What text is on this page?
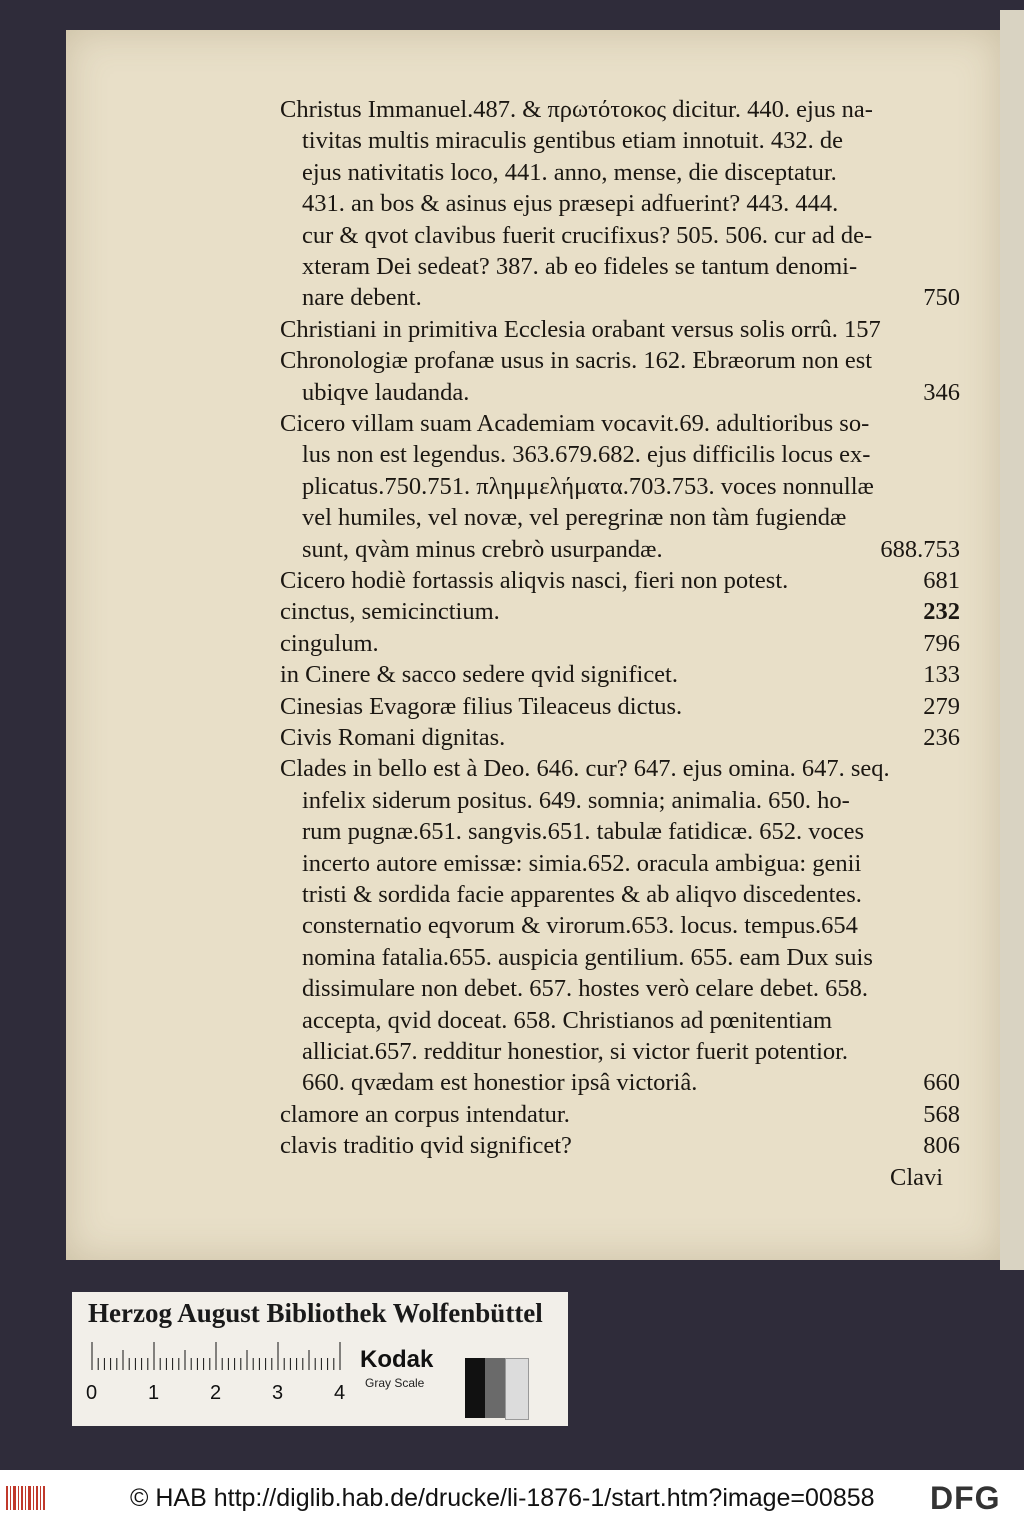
Christus Immanuel.487. & πρωτότοκος dicitur. 440. ejus na-
tivitas multis miraculis gentibus etiam innotuit. 432. de
ejus nativitatis loco, 441. anno, mense, die disceptatur.
431. an bos & asinus ejus præsepi adfuerint? 443. 444.
cur & qvot clavibus fuerit crucifixus? 505. 506. cur ad de-
xteram Dei sedeat? 387. ab eo fideles se tantum denomi-
nare debent.	750
Christiani in primitiva Ecclesia orabant versus solis orrû. 157
Chronologiæ profanæ usus in sacris. 162. Ebræorum non est
ubiqve laudanda.	346
Cicero villam suam Academiam vocavit.69. adultioribus so-
lus non est legendus. 363.679.682. ejus difficilis locus ex-
plicatus.750.751. πλημμελήματα.703.753. voces nonnullæ
vel humiles, vel novæ, vel peregrinæ non tàm fugiendæ
sunt, qvàm minus crebrò usurpandæ.	688.753
Cicero hodiè fortassis aliqvis nasci, fieri non potest.	681
cinctus, semicinctium.	232
cingulum.	796
in Cinere & sacco sedere qvid significet.	133
Cinesias Evagoræ filius Tileaceus dictus.	279
Civis Romani dignitas.	236
Clades in bello est à Deo. 646. cur? 647. ejus omina. 647. seq.
infelix siderum positus. 649. somnia; animalia. 650. ho-
rum pugnæ.651. sangvis.651. tabulæ fatidicæ. 652. voces
incerto autore emissæ: simia.652. oracula ambigua: genii
tristi & sordida facie apparentes & ab aliqvo discedentes.
consternatio eqvorum & virorum.653. locus. tempus.654
nomina fatalia.655. auspicia gentilium. 655. eam Dux suis
dissimulare non debet. 657. hostes verò celare debet. 658.
accepta, qvid doceat. 658. Christianos ad pœnitentiam
alliciat.657. redditur honestior, si victor fuerit potentior.
660. qvædam est honestior ipsâ victoriâ.	660
clamore an corpus intendatur.	568
clavis traditio qvid significet?	806
Clavi
Herzog August Bibliothek Wolfenbüttel
0	1	2	3	4
Kodak
Gray Scale
© HAB http://diglib.hab.de/drucke/li-1876-1/start.htm?image=00858 DFG
